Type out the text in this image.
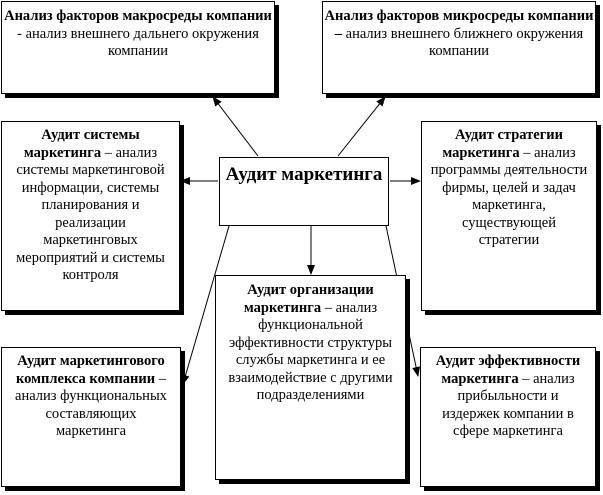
Анализ факторов макросреды компании - анализ внешнего дальнего окружения компании
Анализ факторов микросреды компании – анализ внешнего ближнего окружения компании
Аудит системы маркетинга – анализ системы маркетинговой информации, системы планирования и реализации маркетинговых мероприятий и системы контроля
Аудит стратегии маркетинга – анализ программы деятельности фирмы, целей и задач маркетинга, существующей стратегии
Аудит маркетинга
Аудит организации маркетинга – анализ функциональной эффективности структуры службы маркетинга и ее взаимодействие с другими подразделениями
Аудит маркетингового комплекса компании – анализ функциональных составляющих маркетинга
Аудит эффективности маркетинга – анализ прибыльности и издержек компании в сфере маркетинга
